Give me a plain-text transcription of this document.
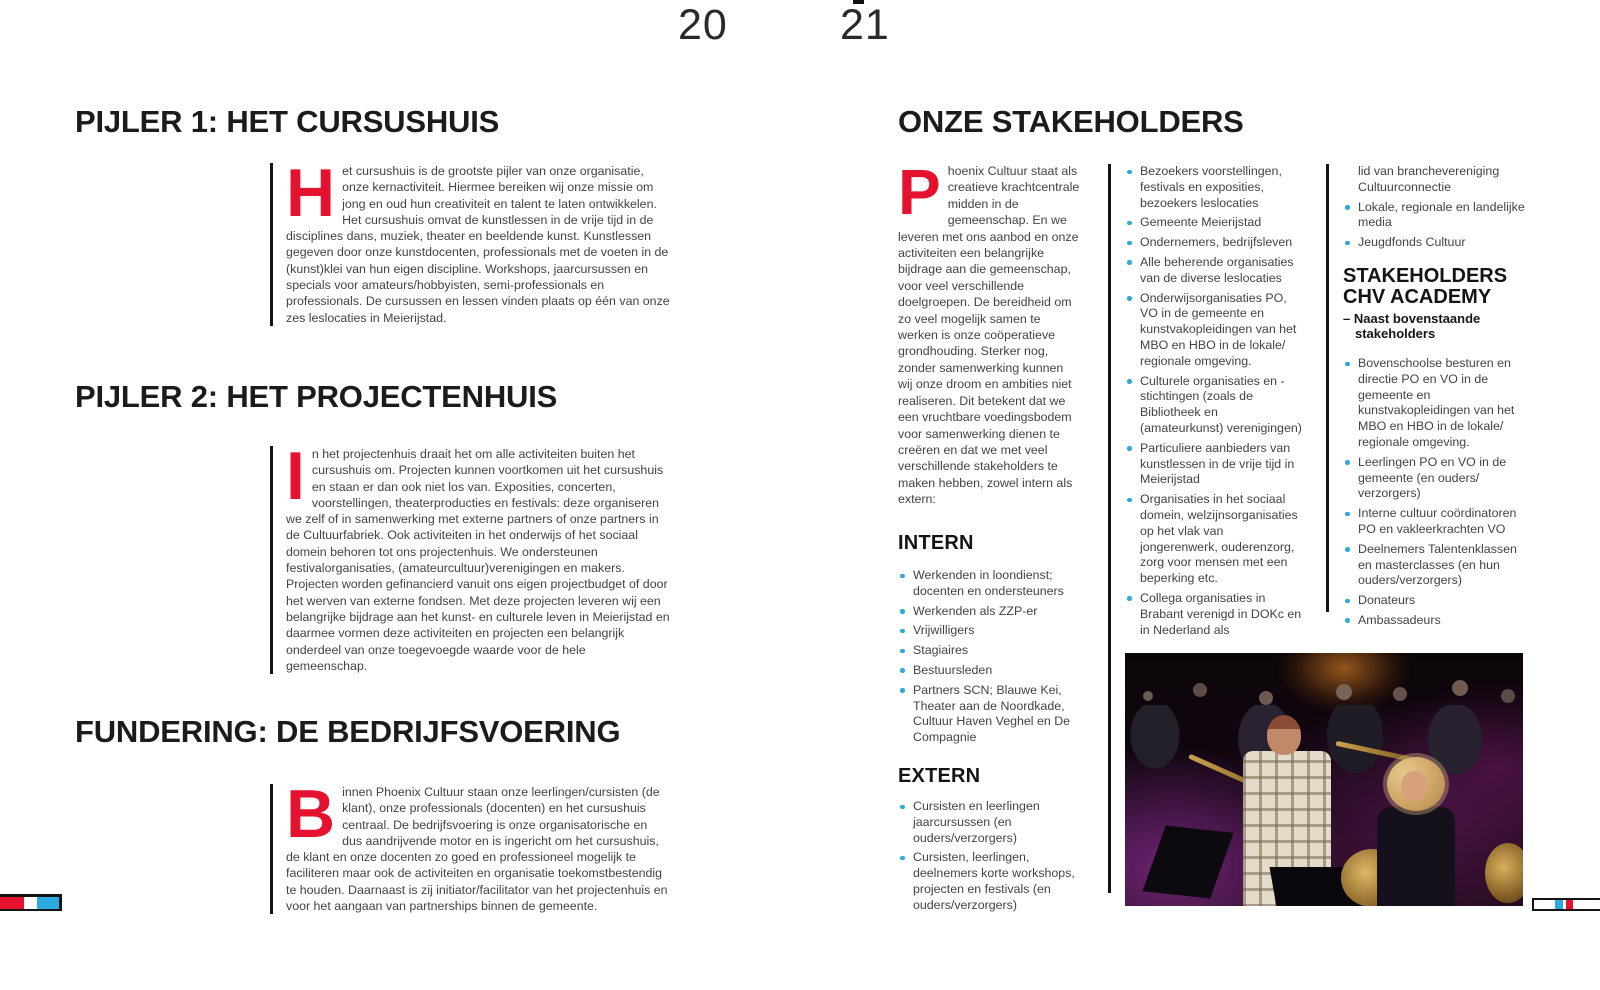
20	21
PIJLER 1: HET CURSUSHUIS
Het cursushuis is de grootste pijler van onze organisatie, onze kernactiviteit. Hiermee bereiken wij onze missie om jong en oud hun creativiteit en talent te laten ontwikkelen. Het cursushuis omvat de kunstlessen in de vrije tijd in de disciplines dans, muziek, theater en beeldende kunst. Kunstlessen gegeven door onze kunstdocenten, professionals met de voeten in de (kunst)klei van hun eigen discipline. Workshops, jaarcursussen en specials voor amateurs/hobbyisten, semi-professionals en professionals. De cursussen en lessen vinden plaats op één van onze zes leslocaties in Meierijstad.
PIJLER 2: HET PROJECTENHUIS
In het projectenhuis draait het om alle activiteiten buiten het cursushuis om. Projecten kunnen voortkomen uit het cursushuis en staan er dan ook niet los van. Exposities, concerten, voorstellingen, theaterproducties en festivals: deze organiseren we zelf of in samenwerking met externe partners of onze partners in de Cultuurfabriek. Ook activiteiten in het onderwijs of het sociaal domein behoren tot ons projectenhuis. We ondersteunen festivalorganisaties, (amateurcultuur)verenigingen en makers. Projecten worden gefinancierd vanuit ons eigen projectbudget of door het werven van externe fondsen. Met deze projecten leveren wij een belangrijke bijdrage aan het kunst- en culturele leven in Meierijstad en daarmee vormen deze activiteiten en projecten een belangrijk onderdeel van onze toegevoegde waarde voor de hele gemeenschap.
FUNDERING: DE BEDRIJFSVOERING
Binnen Phoenix Cultuur staan onze leerlingen/cursisten (de klant), onze professionals (docenten) en het cursushuis centraal. De bedrijfsvoering is onze organisatorische en dus aandrijvende motor en is ingericht om het cursushuis, de klant en onze docenten zo goed en professioneel mogelijk te faciliteren maar ook de activiteiten en organisatie toekomstbestendig te houden. Daarnaast is zij initiator/facilitator van het projectenhuis en voor het aangaan van partnerships binnen de gemeente.
ONZE STAKEHOLDERS
Phoenix Cultuur staat als creatieve krachtcentrale midden in de gemeenschap. En we leveren met ons aanbod en onze activiteiten een belangrijke bijdrage aan die gemeenschap, voor veel verschillende doelgroepen. De bereidheid om zo veel mogelijk samen te werken is onze coöperatieve grondhouding. Sterker nog, zonder samenwerking kunnen wij onze droom en ambities niet realiseren. Dit betekent dat we een vruchtbare voedingsbodem voor samenwerking dienen te creëren en dat we met veel verschillende stakeholders te maken hebben, zowel intern als extern:
INTERN
Werkenden in loondienst; docenten en ondersteuners
Werkenden als ZZP-er
Vrijwilligers
Stagiaires
Bestuursleden
Partners SCN; Blauwe Kei, Theater aan de Noordkade, Cultuur Haven Veghel en De Compagnie
EXTERN
Cursisten en leerlingen jaarcursussen (en ouders/verzorgers)
Cursisten, leerlingen, deelnemers korte workshops, projecten en festivals (en ouders/verzorgers)
Bezoekers voorstellingen, festivals en exposities, bezoekers leslocaties
Gemeente Meierijstad
Ondernemers, bedrijfsleven
Alle beherende organisaties van de diverse leslocaties
Onderwijsorganisaties PO, VO in de gemeente en kunstvakopleidingen van het MBO en HBO in de lokale/ regionale omgeving.
Culturele organisaties en -stichtingen (zoals de Bibliotheek en (amateurkunst) verenigingen)
Particuliere aanbieders van kunstlessen in de vrije tijd in Meierijstad
Organisaties in het sociaal domein, welzijnsorganisaties op het vlak van jongerenwerk, ouderenzorg, zorg voor mensen met een beperking etc.
Collega organisaties in Brabant verenigd in DOKc en in Nederland als
lid van branchevereniging Cultuurconnectie
Lokale, regionale en landelijke media
Jeugdfonds Cultuur

STAKEHOLDERS

CHV ACADEMY

– Naast bovenstaande stakeholders

Bovenschoolse besturen en directie PO en VO in de gemeente en kunstvakopleidingen van het MBO en HBO in de lokale/ regionale omgeving.
Leerlingen PO en VO in de gemeente (en ouders/ verzorgers)
Interne cultuur coördinatoren PO en vakleerkrachten VO
Deelnemers Talentenklassen en masterclasses (en hun ouders/verzorgers)
Donateurs
Ambassadeurs
